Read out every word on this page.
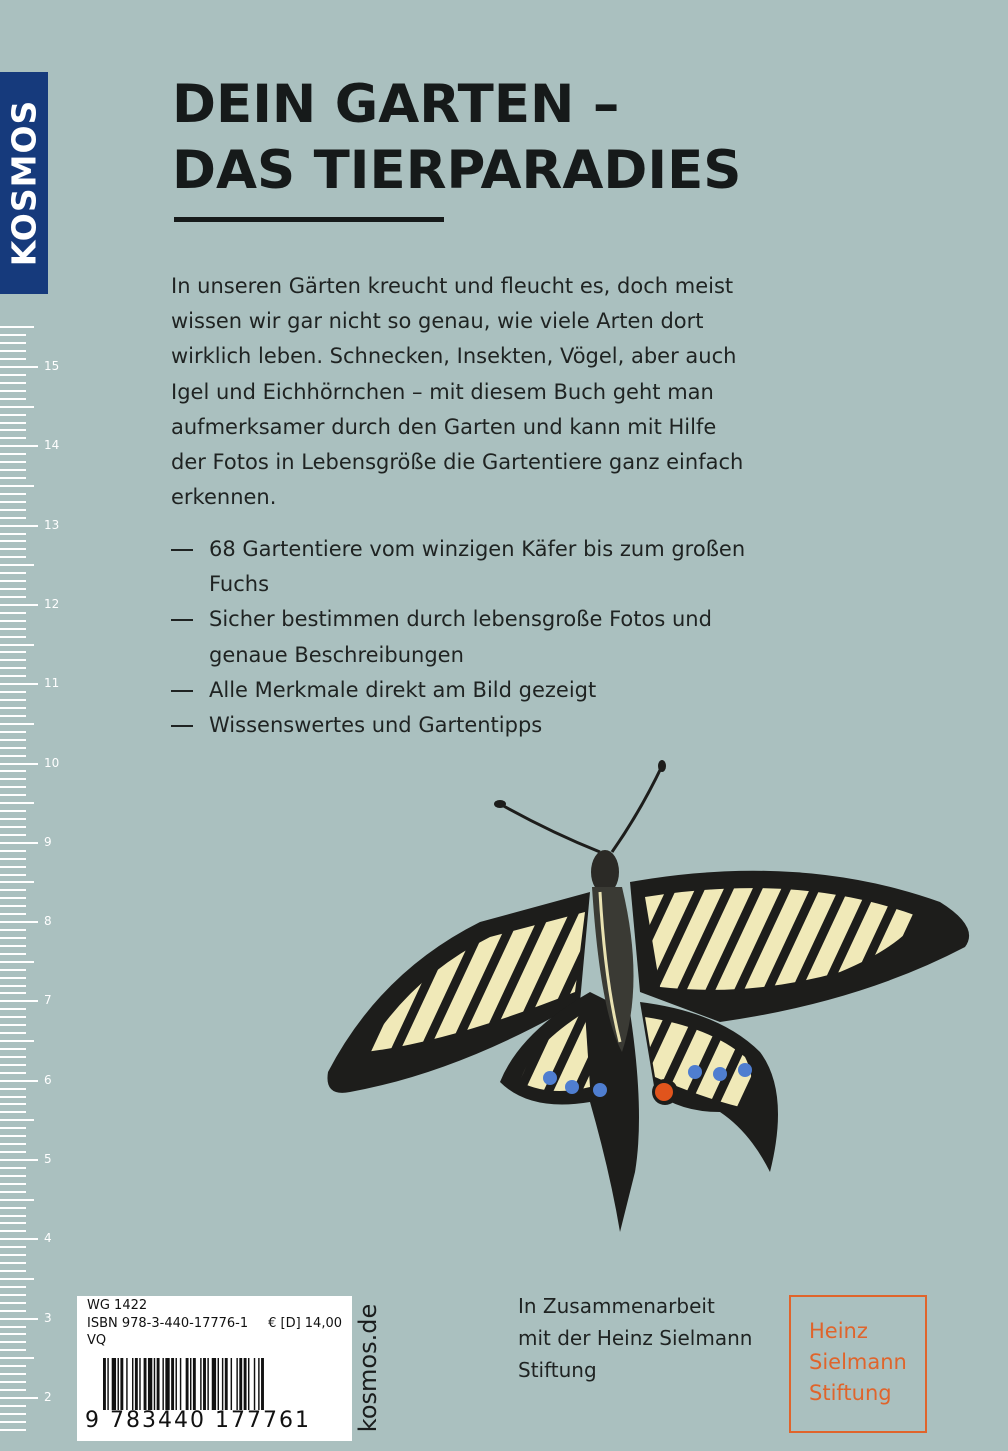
KOSMOS
15
14
13
12
11
10
9
8
7
6
5
4
3
2
DEIN GARTEN –
DAS TIERPARADIES

In unseren Gärten kreucht und fleucht es, doch meist
wissen wir gar nicht so genau, wie viele Arten dort
wirklich leben. Schnecken, Insekten, Vögel, aber auch
Igel und Eichhörnchen – mit diesem Buch geht man
aufmerksamer durch den Garten und kann mit Hilfe
der Fotos in Lebensgröße die Gartentiere ganz einfach
erkennen.

68 Gartentiere vom winzigen Käfer bis zum großen
Fuchs
Sicher bestimmen durch lebensgroße Fotos und
genaue Beschreibungen
Alle Merkmale direkt am Bild gezeigt
Wissenswertes und Gartentipps
WG 1422
ISBN 978-3-440-17776-1 € [D] 14,00
VQ
9 783440 177761 kosmos.de	In Zusammenarbeit
mit der Heinz Sielmann
Stiftung

Heinz
Sielmann
Stiftung
